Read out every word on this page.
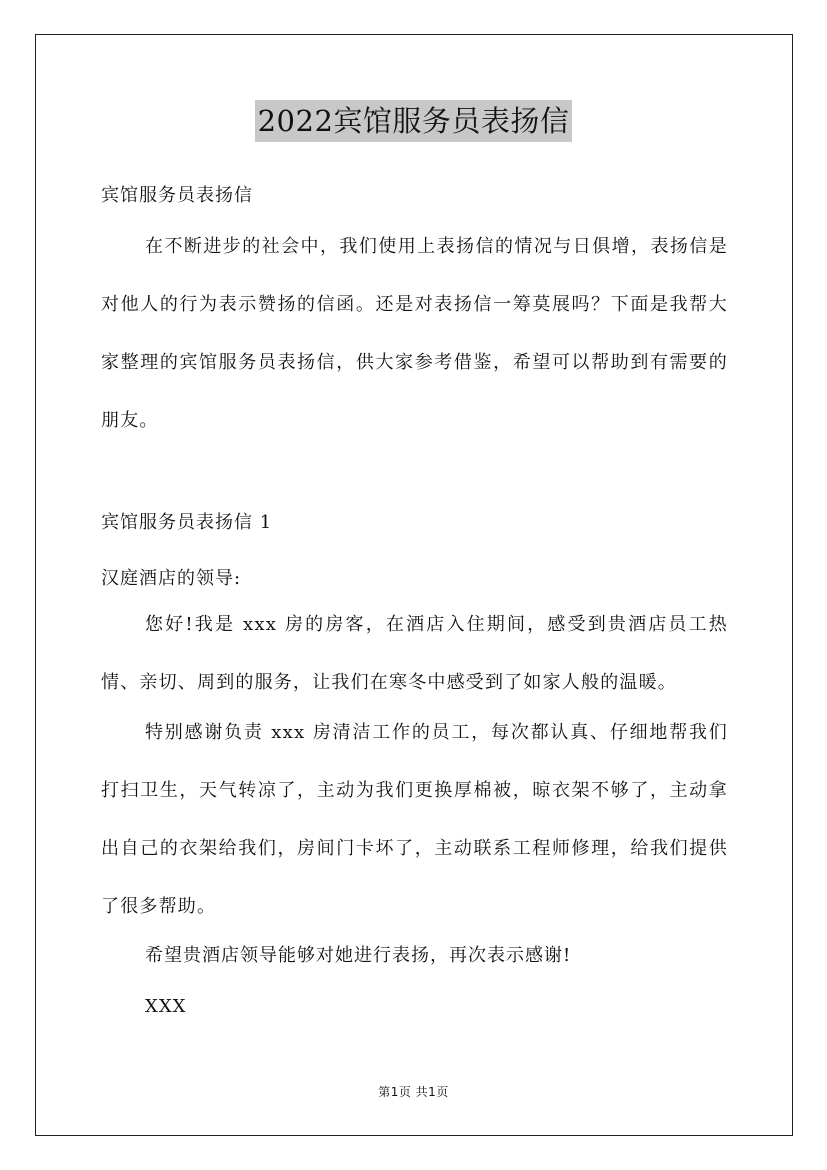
2022宾馆服务员表扬信
宾馆服务员表扬信
在不断进步的社会中，我们使用上表扬信的情况与日俱增，表扬信是对他人的行为表示赞扬的信函。还是对表扬信一筹莫展吗？下面是我帮大家整理的宾馆服务员表扬信，供大家参考借鉴，希望可以帮助到有需要的朋友。
宾馆服务员表扬信 1
汉庭酒店的领导:
您好!我是 xxx 房的房客，在酒店入住期间，感受到贵酒店员工热情、亲切、周到的服务，让我们在寒冬中感受到了如家人般的温暖。
特别感谢负责 xxx 房清洁工作的员工，每次都认真、仔细地帮我们打扫卫生，天气转凉了，主动为我们更换厚棉被，晾衣架不够了，主动拿出自己的衣架给我们，房间门卡坏了，主动联系工程师修理，给我们提供了很多帮助。
希望贵酒店领导能够对她进行表扬，再次表示感谢!
XXX
第1页 共1页
